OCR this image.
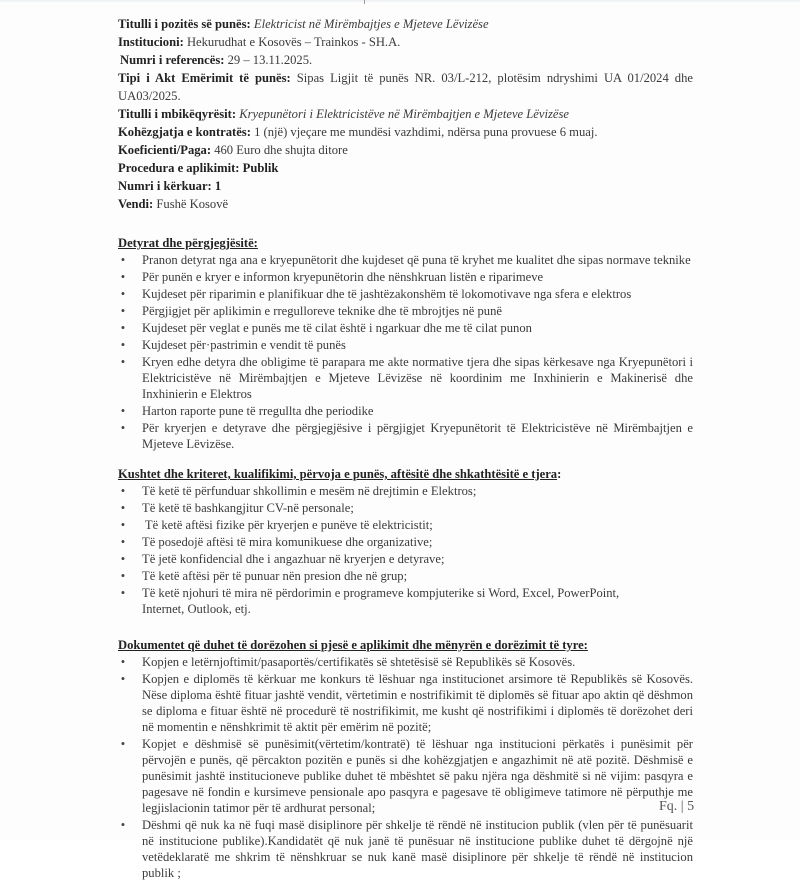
Titulli i pozitës së punës: Elektricist në Mirëmbajtjes e Mjeteve Lëvizëse
Institucioni: Hekurudhat e Kosovës – Trainkos - SH.A.
Numri i referencës: 29 – 13.11.2025.
Tipi i Akt Emërimit të punës: Sipas Ligjit të punës NR. 03/L-212, plotësim ndryshimi UA 01/2024 dhe UA03/2025.
Titulli i mbikëqyrësit: Kryepunëtori i Elektricistëve në Mirëmbajtjen e Mjeteve Lëvizëse
Kohëzgjatja e kontratës: 1 (një) vjeçare me mundësi vazhdimi, ndërsa puna provuese 6 muaj.
Koeficienti/Paga: 460 Euro dhe shujta ditore
Procedura e aplikimit: Publik
Numri i kërkuar: 1
Vendi: Fushë Kosovë
Detyrat dhe përgjegjësitë:
• Pranon detyrat nga ana e kryepunëtorit dhe kujdeset që puna të kryhet me kualitet dhe sipas normave teknike
• Për punën e kryer e informon kryepunëtorin dhe nënshkruan listën e riparimeve
• Kujdeset për riparimin e planifikuar dhe të jashtëzakonshëm të lokomotivave nga sfera e elektros
• Përgjigjet për aplikimin e rregulloreve teknike dhe të mbrojtjes në punë
• Kujdeset për veglat e punës me të cilat është i ngarkuar dhe me të cilat punon
• Kujdeset për·pastrimin e vendit të punës
• Kryen edhe detyra dhe obligime të parapara me akte normative tjera dhe sipas kërkesave nga Kryepunëtori i Elektricistëve në Mirëmbajtjen e Mjeteve Lëvizëse në koordinim me Inxhinierin e Makinerisë dhe Inxhinierin e Elektros
• Harton raporte pune të rregullta dhe periodike
• Për kryerjen e detyrave dhe përgjegjësive i përgjigjet Kryepunëtorit të Elektricistëve në Mirëmbajtjen e Mjeteve Lëvizëse.
Kushtet dhe kriteret, kualifikimi, përvoja e punës, aftësitë dhe shkathtësitë e tjera:
• Të ketë të përfunduar shkollimin e mesëm në drejtimin e Elektros;
• Të ketë të bashkangjitur CV-në personale;
• Të ketë aftësi fizike për kryerjen e punëve të elektricistit;
• Të posedojë aftësi të mira komunikuese dhe organizative;
• Të jetë konfidencial dhe i angazhuar në kryerjen e detyrave;
• Të ketë aftësi për të punuar nën presion dhe në grup;
• Të ketë njohuri të mira në përdorimin e programeve kompjuterike si Word, Excel, PowerPoint, Internet, Outlook, etj.
Dokumentet që duhet të dorëzohen si pjesë e aplikimit dhe mënyrën e dorëzimit të tyre:
• Kopjen e letërnjoftimit/pasaportës/certifikatës së shtetësisë së Republikës së Kosovës.
• Kopjen e diplomës të kërkuar me konkurs të lëshuar nga institucionet arsimore të Republikës së Kosovës. Nëse diploma është fituar jashtë vendit, vërtetimin e nostrifikimit të diplomës së fituar apo aktin që dëshmon se diploma e fituar është në procedurë të nostrifikimit, me kusht që nostrifikimi i diplomës të dorëzohet deri në momentin e nënshkrimit të aktit për emërim në pozitë;
• Kopjet e dëshmisë së punësimit(vërtetim/kontratë) të lëshuar nga institucioni përkatës i punësimit për përvojën e punës, që përcakton pozitën e punës si dhe kohëzgjatjen e angazhimit në atë pozitë. Dëshmisë e punësimit jashtë institucioneve publike duhet të mbështet së paku njëra nga dëshmitë si në vijim: pasqyra e pagesave në fondin e kursimeve pensionale apo pasqyra e pagesave të obligimeve tatimore në përputhje me legjislacionin tatimor për të ardhurat personal;
• Dëshmi që nuk ka në fuqi masë disiplinore për shkelje të rëndë në institucion publik (vlen për të punësuarit në institucione publike).Kandidatët që nuk janë të punësuar në institucione publike duhet të dërgojnë një vetëdeklaratë me shkrim të nënshkruar se nuk kanë masë disiplinore për shkelje të rëndë në institucion publik ;
Fq. | 5
